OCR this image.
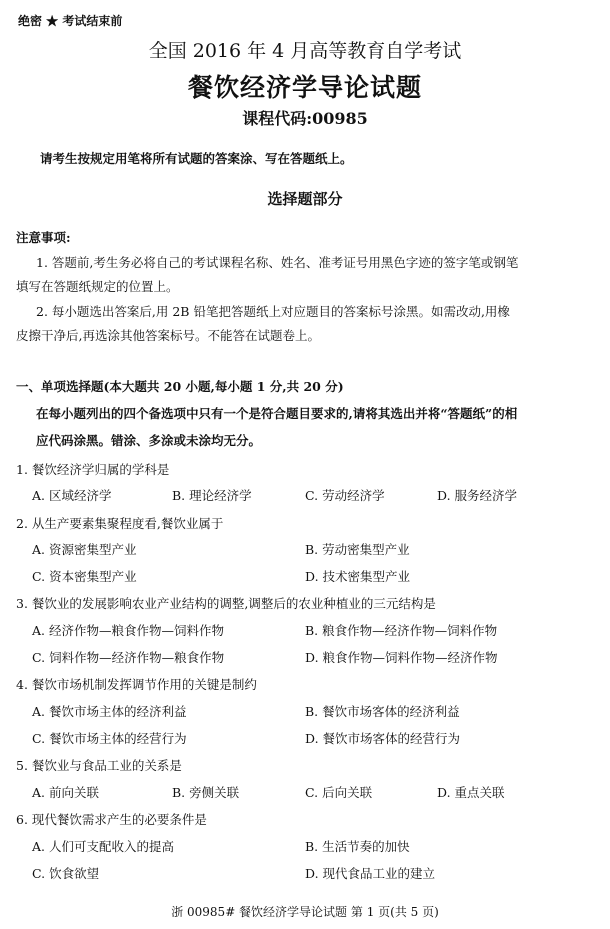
绝密 ★ 考试结束前
全国 2016 年 4 月高等教育自学考试
餐饮经济学导论试题
课程代码:00985
请考生按规定用笔将所有试题的答案涂、写在答题纸上。
选择题部分
注意事项:
1. 答题前,考生务必将自己的考试课程名称、姓名、准考证号用黑色字迹的签字笔或钢笔
填写在答题纸规定的位置上。
2. 每小题选出答案后,用 2B 铅笔把答题纸上对应题目的答案标号涂黑。如需改动,用橡
皮擦干净后,再选涂其他答案标号。不能答在试题卷上。
一、单项选择题(本大题共 20 小题,每小题 1 分,共 20 分)
在每小题列出的四个备选项中只有一个是符合题目要求的,请将其选出并将“答题纸”的相
应代码涂黑。错涂、多涂或未涂均无分。
1. 餐饮经济学归属的学科是
A. 区域经济学	B. 理论经济学	C. 劳动经济学	D. 服务经济学
2. 从生产要素集聚程度看,餐饮业属于
A. 资源密集型产业	B. 劳动密集型产业
C. 资本密集型产业	D. 技术密集型产业
3. 餐饮业的发展影响农业产业结构的调整,调整后的农业种植业的三元结构是
A. 经济作物—粮食作物—饲料作物	B. 粮食作物—经济作物—饲料作物
C. 饲料作物—经济作物—粮食作物	D. 粮食作物—饲料作物—经济作物
4. 餐饮市场机制发挥调节作用的关键是制约
A. 餐饮市场主体的经济利益	B. 餐饮市场客体的经济利益
C. 餐饮市场主体的经营行为	D. 餐饮市场客体的经营行为
5. 餐饮业与食品工业的关系是
A. 前向关联	B. 旁侧关联	C. 后向关联	D. 重点关联
6. 现代餐饮需求产生的必要条件是
A. 人们可支配收入的提高	B. 生活节奏的加快
C. 饮食欲望	D. 现代食品工业的建立
浙 00985# 餐饮经济学导论试题 第 1 页(共 5 页)
